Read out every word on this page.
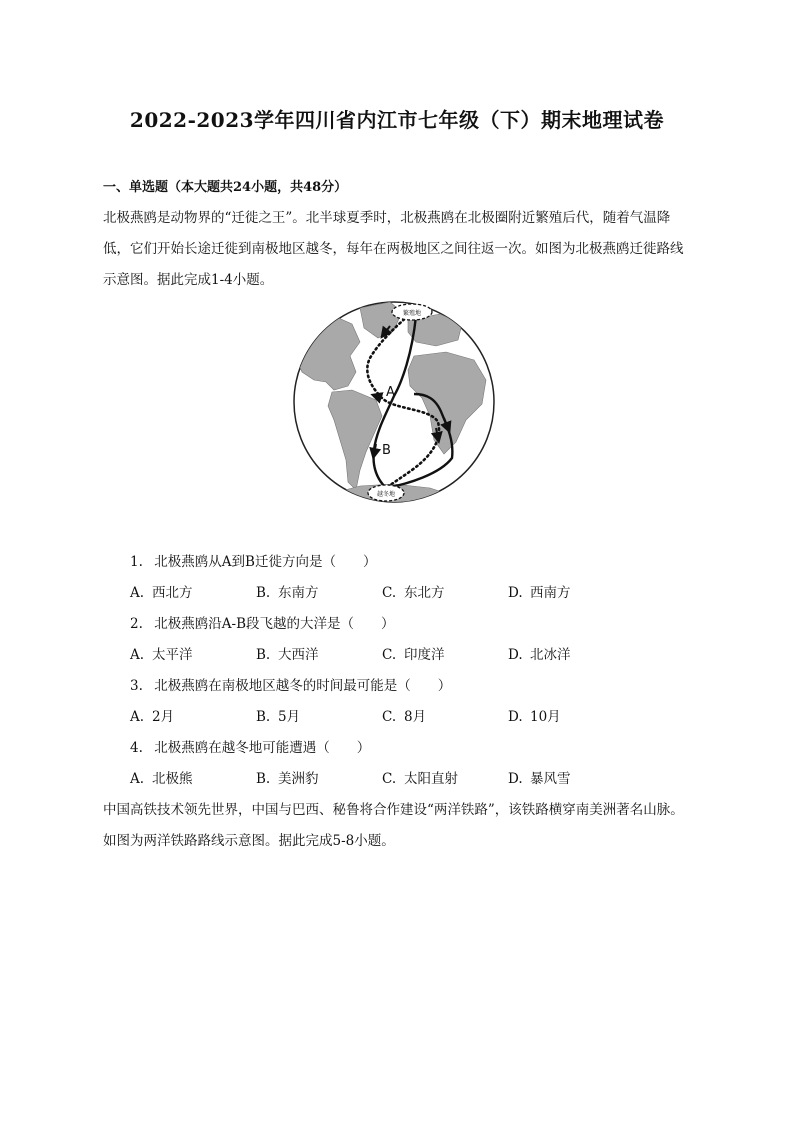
2022-2023学年四川省内江市七年级（下）期末地理试卷
一、单选题（本大题共24小题，共48分）
北极燕鸥是动物界的“迁徙之王”。北半球夏季时，北极燕鸥在北极圈附近繁殖后代，随着气温降低，它们开始长途迁徙到南极地区越冬，每年在两极地区之间往返一次。如图为北极燕鸥迁徙路线示意图。据此完成1-4小题。
繁殖地
越冬地
A
B
1. 北极燕鸥从A到B迁徙方向是（　　）
A. 西北方	B. 东南方	C. 东北方	D. 西南方
2. 北极燕鸥沿A-B段飞越的大洋是（　　）
A. 太平洋	B. 大西洋	C. 印度洋	D. 北冰洋
3. 北极燕鸥在南极地区越冬的时间最可能是（　　）
A. 2月	B. 5月	C. 8月	D. 10月
4. 北极燕鸥在越冬地可能遭遇（　　）
A. 北极熊	B. 美洲豹	C. 太阳直射	D. 暴风雪
中国高铁技术领先世界，中国与巴西、秘鲁将合作建设“两洋铁路”，该铁路横穿南美洲著名山脉。如图为两洋铁路路线示意图。据此完成5-8小题。
